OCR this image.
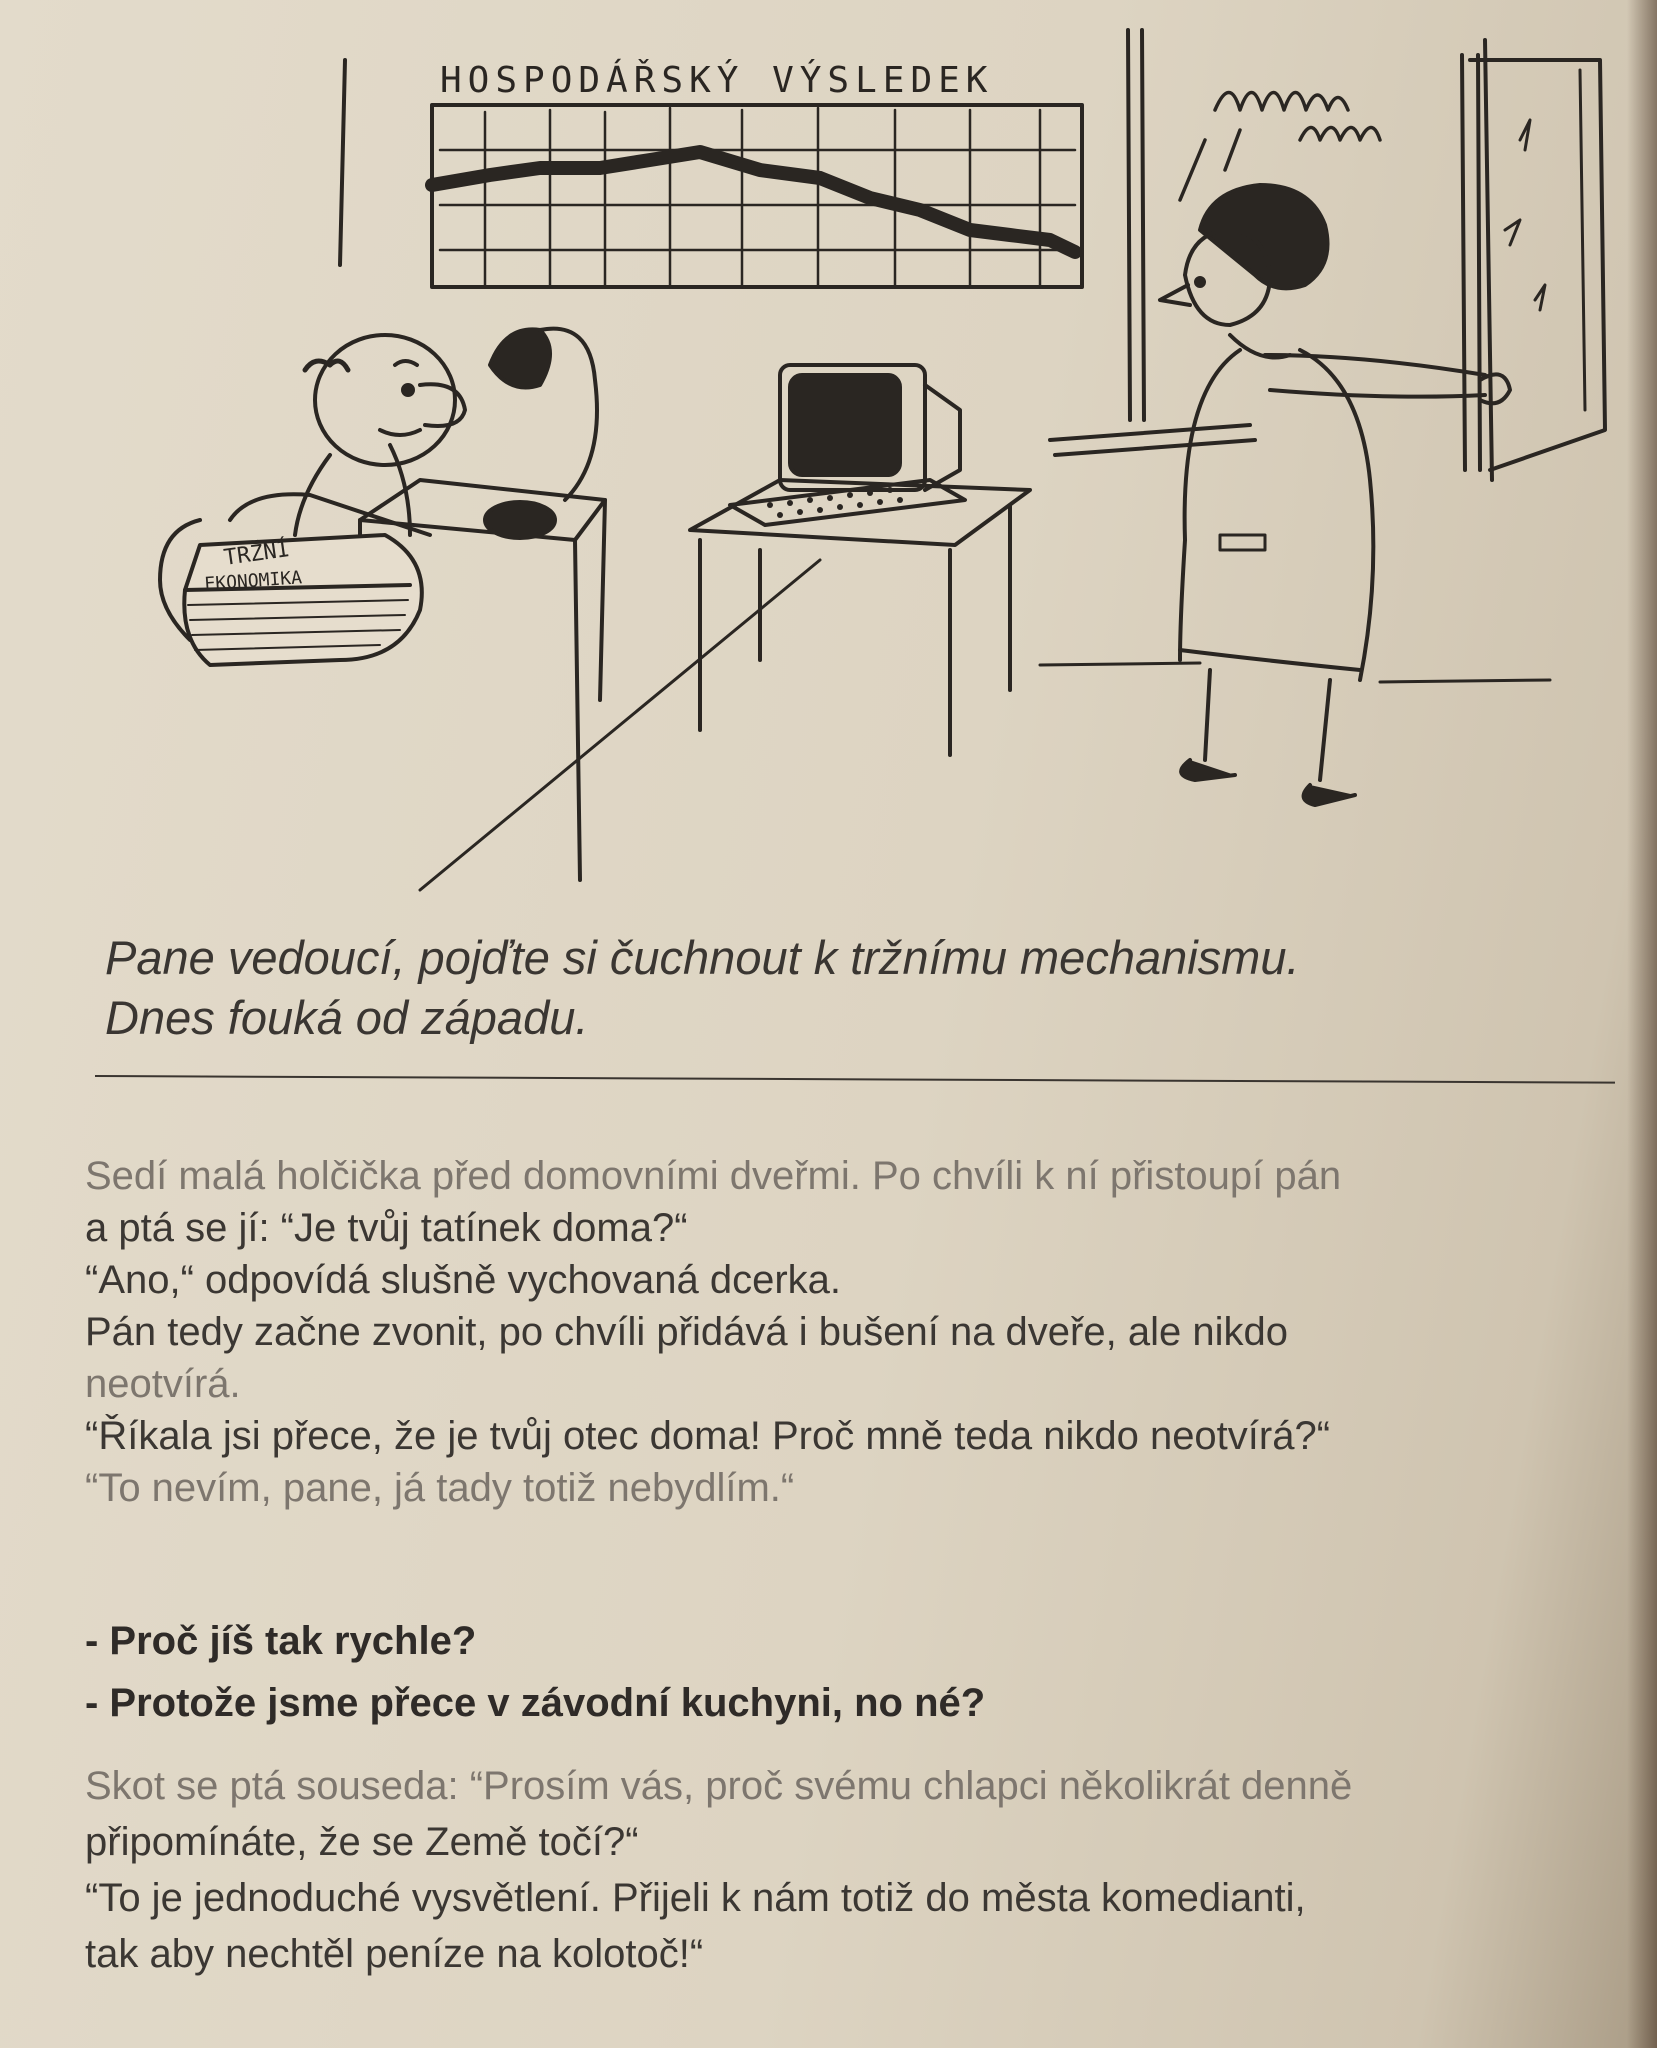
HOSPODÁŘSKÝ VÝSLEDEK
TRŽNÍ
EKONOMIKA
Pane vedoucí, pojďte si čuchnout k tržnímu mechanismu.
Dnes fouká od západu.

Sedí malá holčička před domovními dveřmi. Po chvíli k ní přistoupí pán

a ptá se jí: “Je tvůj tatínek doma?“

“Ano,“ odpovídá slušně vychovaná dcerka.

Pán tedy začne zvonit, po chvíli přidává i bušení na dveře, ale nikdo

neotvírá.

“Říkala jsi přece, že je tvůj otec doma! Proč mně teda nikdo neotvírá?“

“To nevím, pane, já tady totiž nebydlím.“

- Proč jíš tak rychle?

- Protože jsme přece v závodní kuchyni, no né?

Skot se ptá souseda: “Prosím vás, proč svému chlapci několikrát denně

připomínáte, že se Země točí?“

“To je jednoduché vysvětlení. Přijeli k nám totiž do města komedianti,

tak aby nechtěl peníze na kolotoč!“
